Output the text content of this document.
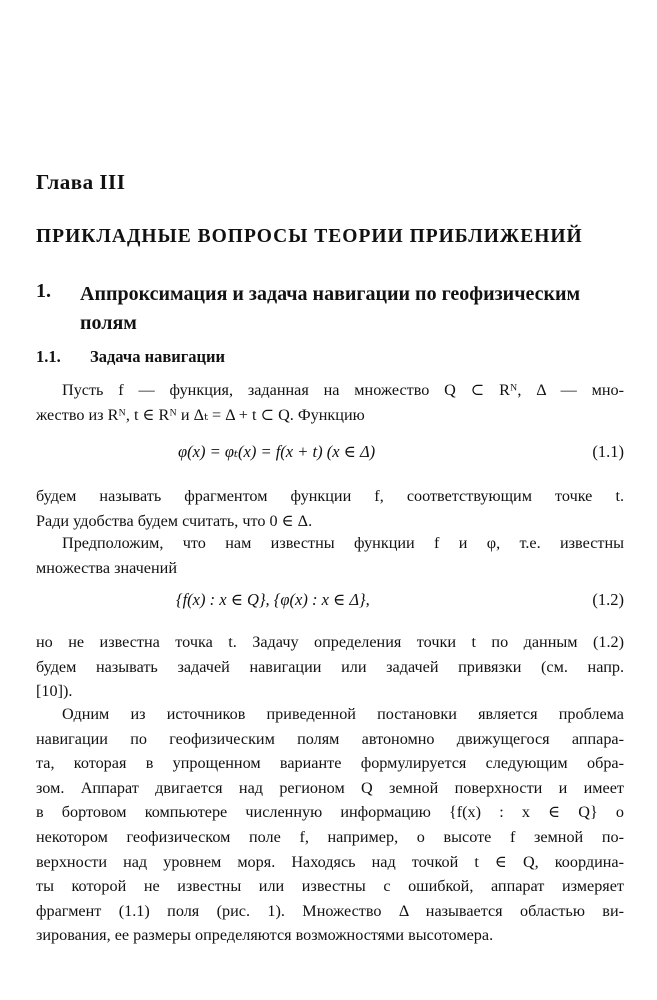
Глава III
ПРИКЛАДНЫЕ ВОПРОСЫ ТЕОРИИ ПРИБЛИЖЕНИЙ
1. Аппроксимация и задача навигации по геофизическим полям
1.1. Задача навигации
Пусть f — функция, заданная на множество Q ⊂ Rᴺ, Δ — мно-
жество из Rᴺ, t ∈ Rᴺ и Δₜ = Δ + t ⊂ Q. Функцию
φ(x) = φₜ(x) = f(x + t) (x ∈ Δ)	(1.1)
будем называть фрагментом функции f, соответствующим точке t.
Ради удобства будем считать, что 0 ∈ Δ.
Предположим, что нам известны функции f и φ, т.е. известны
множества значений
{f(x) : x ∈ Q}, {φ(x) : x ∈ Δ},	(1.2)
но не известна точка t. Задачу определения точки t по данным (1.2)
будем называть задачей навигации или задачей привязки (см. напр.
[10]).
Одним из источников приведенной постановки является проблема
навигации по геофизическим полям автономно движущегося аппара-
та, которая в упрощенном варианте формулируется следующим обра-
зом. Аппарат двигается над регионом Q земной поверхности и имеет
в бортовом компьютере численную информацию {f(x) : x ∈ Q} о
некотором геофизическом поле f, например, о высоте f земной по-
верхности над уровнем моря. Находясь над точкой t ∈ Q, координа-
ты которой не известны или известны с ошибкой, аппарат измеряет
фрагмент (1.1) поля (рис. 1). Множество Δ называется областью ви-
зирования, ее размеры определяются возможностями высотомера.
